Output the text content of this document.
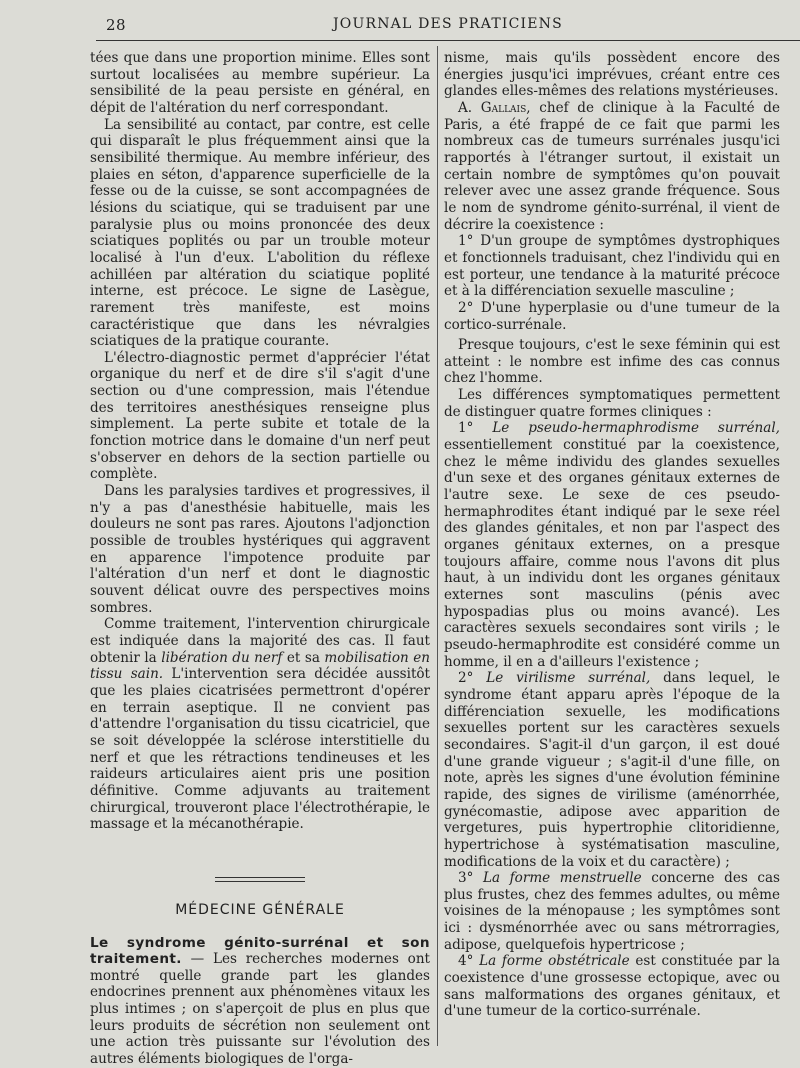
28	JOURNAL DES PRATICIENS

tées que dans une proportion minime. Elles sont surtout localisées au membre supérieur. La sensibilité de la peau persiste en général, en dépit de l'altération du nerf correspondant.

La sensibilité au contact, par contre, est celle qui disparaît le plus fréquemment ainsi que la sensibilité thermique. Au membre inférieur, des plaies en séton, d'apparence superficielle de la fesse ou de la cuisse, se sont accompagnées de lésions du sciatique, qui se traduisent par une paralysie plus ou moins prononcée des deux sciatiques poplités ou par un trouble moteur localisé à l'un d'eux. L'abolition du réflexe achilléen par altération du sciatique poplité interne, est précoce. Le signe de Lasègue, rarement très manifeste, est moins caractéristique que dans les névralgies sciatiques de la pratique courante.

L'électro-diagnostic permet d'apprécier l'état organique du nerf et de dire s'il s'agit d'une section ou d'une compression, mais l'étendue des territoires anesthésiques renseigne plus simplement. La perte subite et totale de la fonction motrice dans le domaine d'un nerf peut s'observer en dehors de la section partielle ou complète.

Dans les paralysies tardives et progressives, il n'y a pas d'anesthésie habituelle, mais les douleurs ne sont pas rares. Ajoutons l'adjonction possible de troubles hystériques qui aggravent en apparence l'impotence produite par l'altération d'un nerf et dont le diagnostic souvent délicat ouvre des perspectives moins sombres.

Comme traitement, l'intervention chirurgicale est indiquée dans la majorité des cas. Il faut obtenir la libération du nerf et sa mobilisation en tissu sain. L'intervention sera décidée aussitôt que les plaies cicatrisées permettront d'opérer en terrain aseptique. Il ne convient pas d'attendre l'organisation du tissu cicatriciel, que se soit développée la sclérose interstitielle du nerf et que les rétractions tendineuses et les raideurs articulaires aient pris une position définitive. Comme adjuvants au traitement chirurgical, trouveront place l'électrothérapie, le massage et la mécanothérapie.

MÉDECINE GÉNÉRALE

Le syndrome génito-surrénal et son traitement. — Les recherches modernes ont montré quelle grande part les glandes endocrines prennent aux phénomènes vitaux les plus intimes ; on s'aperçoit de plus en plus que leurs produits de sécrétion non seulement ont une action très puissante sur l'évolution des autres éléments biologiques de l'orga-

nisme, mais qu'ils possèdent encore des énergies jusqu'ici imprévues, créant entre ces glandes elles-mêmes des relations mystérieuses.

A. Gallais, chef de clinique à la Faculté de Paris, a été frappé de ce fait que parmi les nombreux cas de tumeurs surrénales jusqu'ici rapportés à l'étranger surtout, il existait un certain nombre de symptômes qu'on pouvait relever avec une assez grande fréquence. Sous le nom de syndrome génito-surrénal, il vient de décrire la coexistence :

1° D'un groupe de symptômes dystrophiques et fonctionnels traduisant, chez l'individu qui en est porteur, une tendance à la maturité précoce et à la différenciation sexuelle masculine ;

2° D'une hyperplasie ou d'une tumeur de la cortico-surrénale.

Presque toujours, c'est le sexe féminin qui est atteint : le nombre est infime des cas connus chez l'homme.

Les différences symptomatiques permettent de distinguer quatre formes cliniques :

1° Le pseudo-hermaphrodisme surrénal, essentiellement constitué par la coexistence, chez le même individu des glandes sexuelles d'un sexe et des organes génitaux externes de l'autre sexe. Le sexe de ces pseudo-hermaphrodites étant indiqué par le sexe réel des glandes génitales, et non par l'aspect des organes génitaux externes, on a presque toujours affaire, comme nous l'avons dit plus haut, à un individu dont les organes génitaux externes sont masculins (pénis avec hypospadias plus ou moins avancé). Les caractères sexuels secondaires sont virils ; le pseudo-hermaphrodite est considéré comme un homme, il en a d'ailleurs l'existence ;

2° Le virilisme surrénal, dans lequel, le syndrome étant apparu après l'époque de la différenciation sexuelle, les modifications sexuelles portent sur les caractères sexuels secondaires. S'agit-il d'un garçon, il est doué d'une grande vigueur ; s'agit-il d'une fille, on note, après les signes d'une évolution féminine rapide, des signes de virilisme (aménorrhée, gynécomastie, adipose avec apparition de vergetures, puis hypertrophie clitoridienne, hypertrichose à systématisation masculine, modifications de la voix et du caractère) ;

3° La forme menstruelle concerne des cas plus frustes, chez des femmes adultes, ou même voisines de la ménopause ; les symptômes sont ici : dysménorrhée avec ou sans métrorragies, adipose, quelquefois hypertricose ;

4° La forme obstétricale est constituée par la coexistence d'une grossesse ectopique, avec ou sans malformations des organes génitaux, et d'une tumeur de la cortico-surrénale.
